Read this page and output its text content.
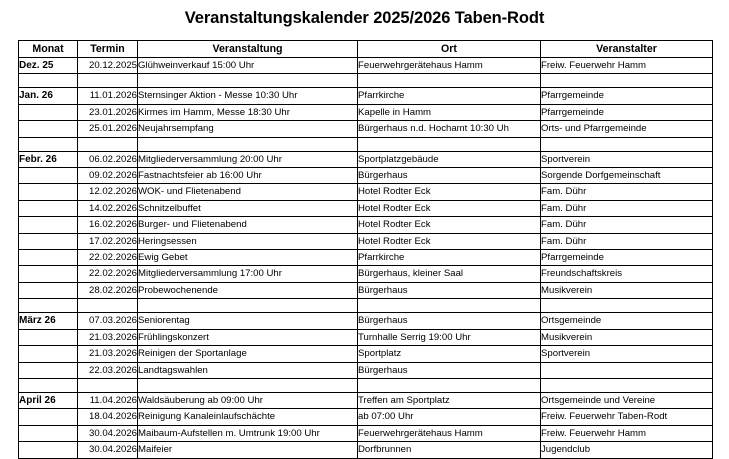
Veranstaltungskalender 2025/2026 Taben-Rodt
Monat	Termin	Veranstaltung	Ort	Veranstalter
Dez. 25	20.12.2025	Glühweinverkauf 15:00 Uhr	Feuerwehrgerätehaus Hamm	Freiw. Feuerwehr Hamm

Jan. 26	11.01.2026	Sternsinger Aktion - Messe 10:30 Uhr	Pfarrkirche	Pfarrgemeinde
	23.01.2026	Kirmes im Hamm, Messe 18:30 Uhr	Kapelle in Hamm	Pfarrgemeinde
	25.01.2026	Neujahrsempfang	Bürgerhaus n.d. Hochamt 10:30 Uh	Orts- und Pfarrgemeinde

Febr. 26	06.02.2026	Mitgliederversammlung 20:00 Uhr	Sportplatzgebäude	Sportverein
	09.02.2026	Fastnachtsfeier ab 16:00 Uhr	Bürgerhaus	Sorgende Dorfgemeinschaft
	12.02.2026	WOK- und Flietenabend	Hotel Rodter Eck	Fam. Dühr
	14.02.2026	Schnitzelbuffet	Hotel Rodter Eck	Fam. Dühr
	16.02.2026	Burger- und Flietenabend	Hotel Rodter Eck	Fam. Dühr
	17.02.2026	Heringsessen	Hotel Rodter Eck	Fam. Dühr
	22.02.2026	Ewig Gebet	Pfarrkirche	Pfarrgemeinde
	22.02.2026	Mitgliederversammlung 17:00 Uhr	Bürgerhaus, kleiner Saal	Freundschaftskreis
	28.02.2026	Probewochenende	Bürgerhaus	Musikverein

März 26	07.03.2026	Seniorentag	Bürgerhaus	Ortsgemeinde
	21.03.2026	Frühlingskonzert	Turnhalle Serrig 19:00 Uhr	Musikverein
	21.03.2026	Reinigen der Sportanlage	Sportplatz	Sportverein
	22.03.2026	Landtagswahlen	Bürgerhaus	

April 26	11.04.2026	Waldsäuberung ab 09:00 Uhr	Treffen am Sportplatz	Ortsgemeinde und Vereine
	18.04.2026	Reinigung Kanaleinlaufschächte	ab 07:00 Uhr	Freiw. Feuerwehr Taben-Rodt
	30.04.2026	Maibaum-Aufstellen m. Umtrunk 19:00 Uhr	Feuerwehrgerätehaus Hamm	Freiw. Feuerwehr Hamm
	30.04.2026	Maifeier	Dorfbrunnen	Jugendclub
